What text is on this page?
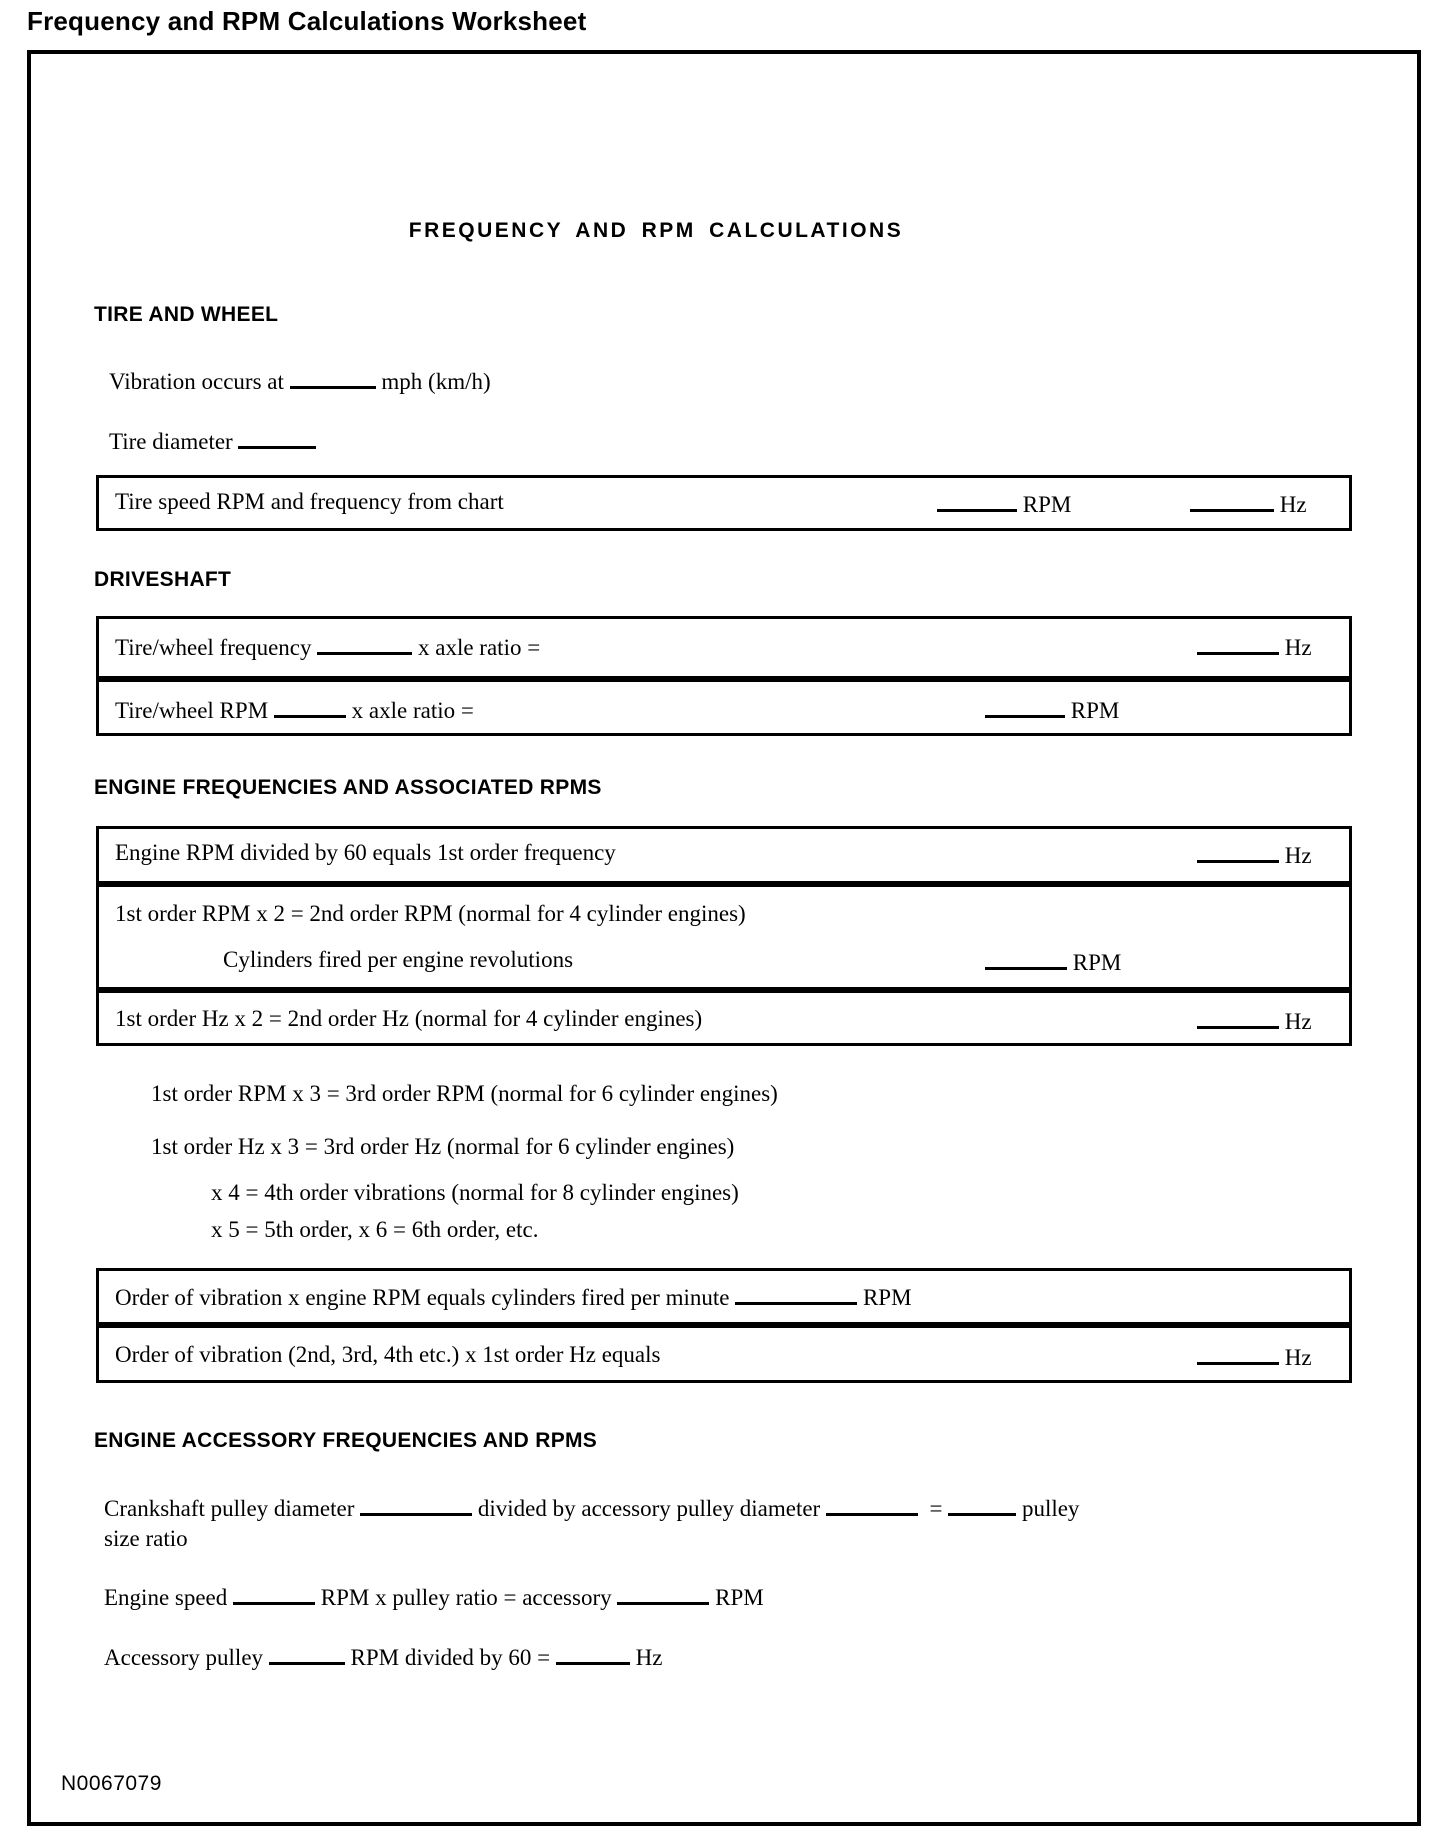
Frequency and RPM Calculations Worksheet
FREQUENCY AND RPM CALCULATIONS
TIRE AND WHEEL
Vibration occurs at	mph (km/h)
Tire diameter
Tire speed RPM and frequency from chart	RPM	Hz
DRIVESHAFT
Tire/wheel frequency	x axle ratio =	Hz
Tire/wheel RPM	x axle ratio =	RPM
ENGINE FREQUENCIES AND ASSOCIATED RPMS
Engine RPM divided by 60 equals 1st order frequency	Hz
1st order RPM x 2 = 2nd order RPM (normal for 4 cylinder engines)
Cylinders fired per engine revolutions	RPM
1st order Hz x 2 = 2nd order Hz (normal for 4 cylinder engines)	Hz
1st order RPM x 3 = 3rd order RPM (normal for 6 cylinder engines)
1st order Hz x 3 = 3rd order Hz (normal for 6 cylinder engines)
x 4 = 4th order vibrations (normal for 8 cylinder engines)
x 5 = 5th order, x 6 = 6th order, etc.
Order of vibration x engine RPM equals cylinders fired per minute	RPM
Order of vibration (2nd, 3rd, 4th etc.) x 1st order Hz equals	Hz
ENGINE ACCESSORY FREQUENCIES AND RPMS
Crankshaft pulley diameter	divided by accessory pulley diameter	=	pulley
size ratio
Engine speed	RPM x pulley ratio = accessory	RPM
Accessory pulley	RPM divided by 60 =	Hz
N0067079
